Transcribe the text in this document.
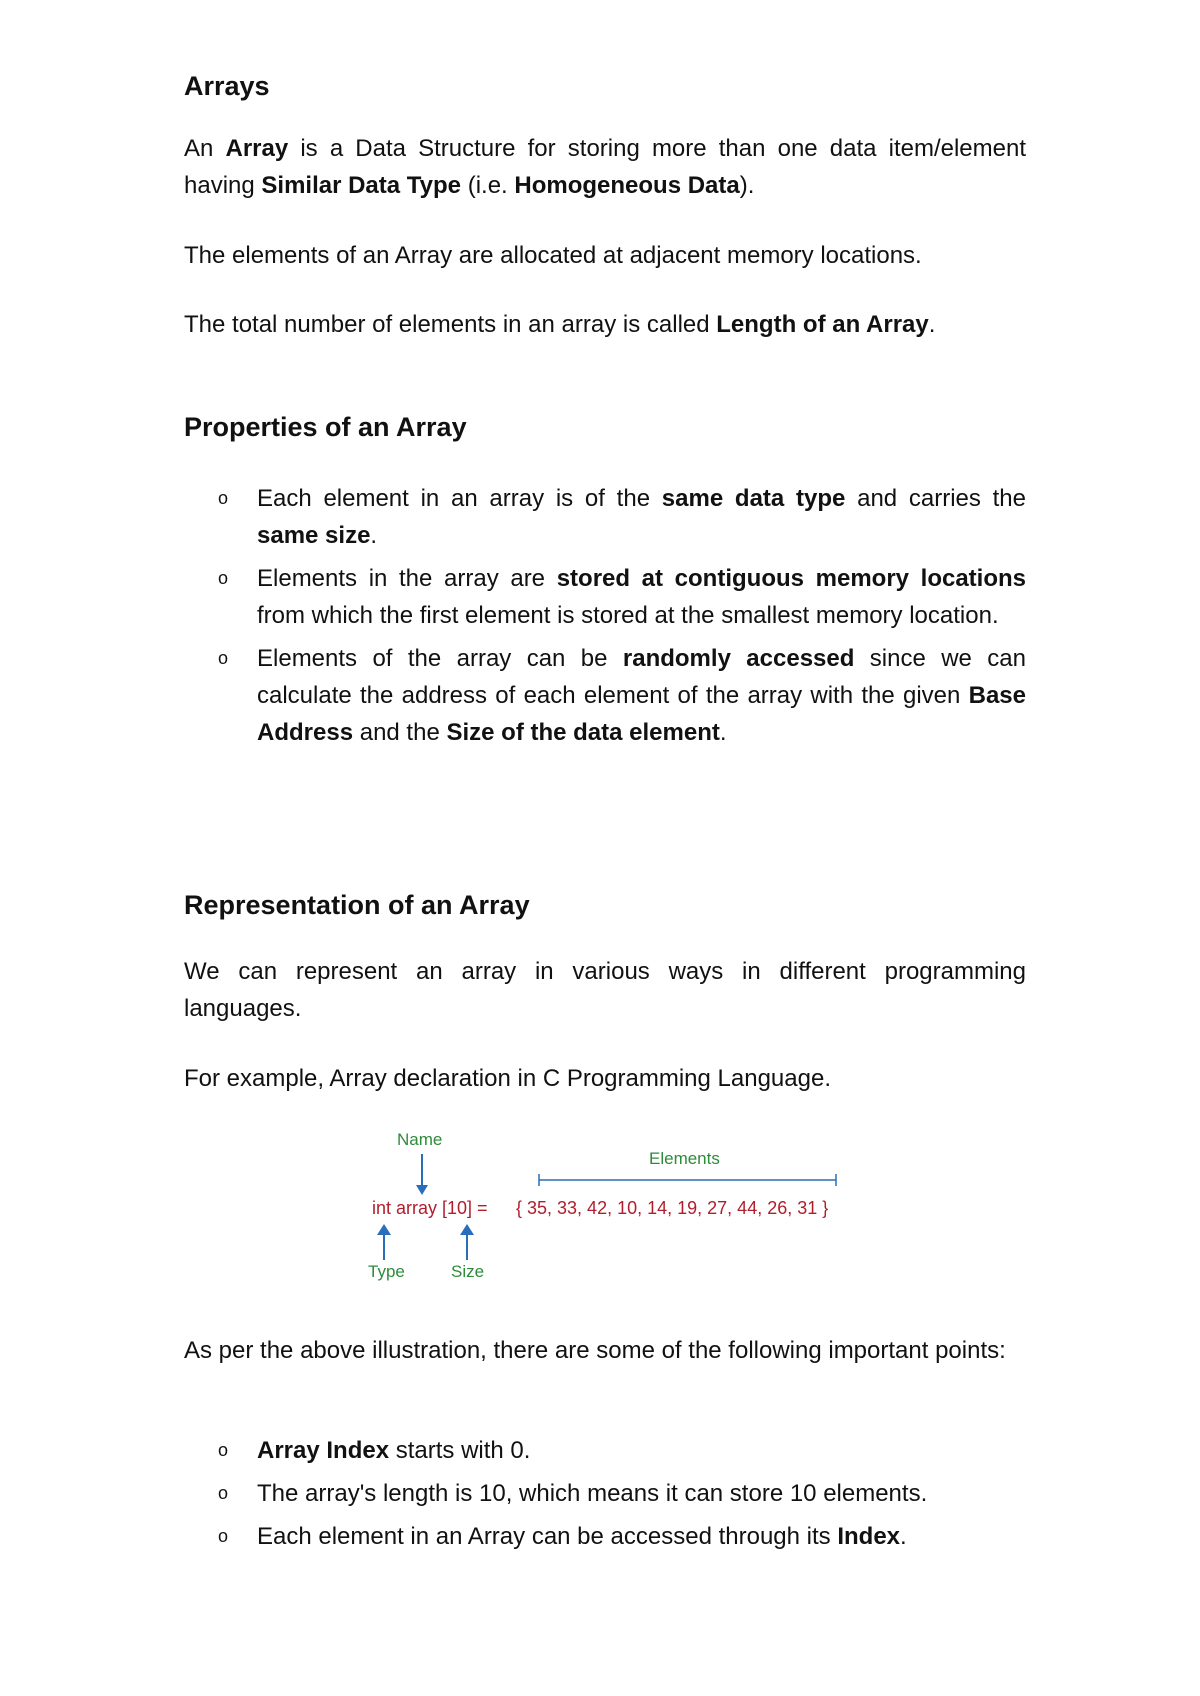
Arrays

An Array is a Data Structure for storing more than one data item/element having Similar Data Type (i.e. Homogeneous Data).

The elements of an Array are allocated at adjacent memory locations.

The total number of elements in an array is called Length of an Array.

Properties of an Array
o Each element in an array is of the same data type and carries the same size.
o Elements in the array are stored at contiguous memory locations from which the first element is stored at the smallest memory location.
o Elements of the array can be randomly accessed since we can calculate the address of each element of the array with the given Base Address and the Size of the data element.
Representation of an Array

We can represent an array in various ways in different programming languages.

For example, Array declaration in C Programming Language.

Name
Elements
int array [10] = { 35, 33, 42, 10, 14, 19, 27, 44, 26, 31 }
Type	Size

As per the above illustration, there are some of the following important points:

o Array Index starts with 0.
o The array's length is 10, which means it can store 10 elements.
o Each element in an Array can be accessed through its Index.
